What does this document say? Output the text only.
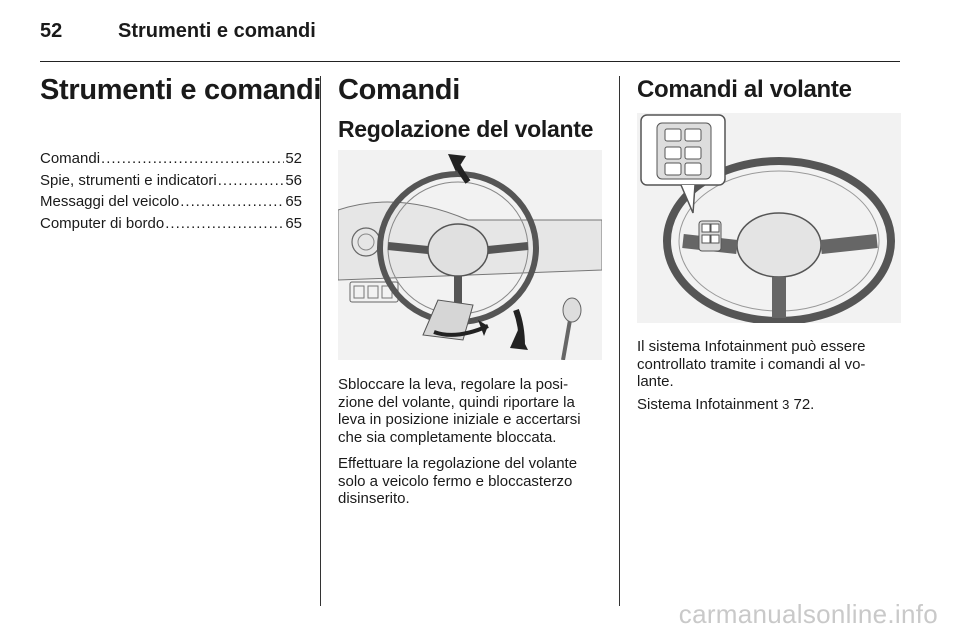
52	Strumenti e comandi
Strumenti e comandi
Comandi .....	52
Spie, strumenti e indicatori .....	56
Messaggi del veicolo .....	65
Computer di bordo .....	65
Comandi
Regolazione del volante

Sbloccare la leva, regolare la posi-
zione del volante, quindi riportare la
leva in posizione iniziale e accertarsi
che sia completamente bloccata.

Effettuare la regolazione del volante
solo a veicolo fermo e bloccasterzo
disinserito.

Comandi al volante

Il sistema Infotainment può essere
controllato tramite i comandi al vo-
lante.

Sistema Infotainment 3 72.

carmanualsonline.info
